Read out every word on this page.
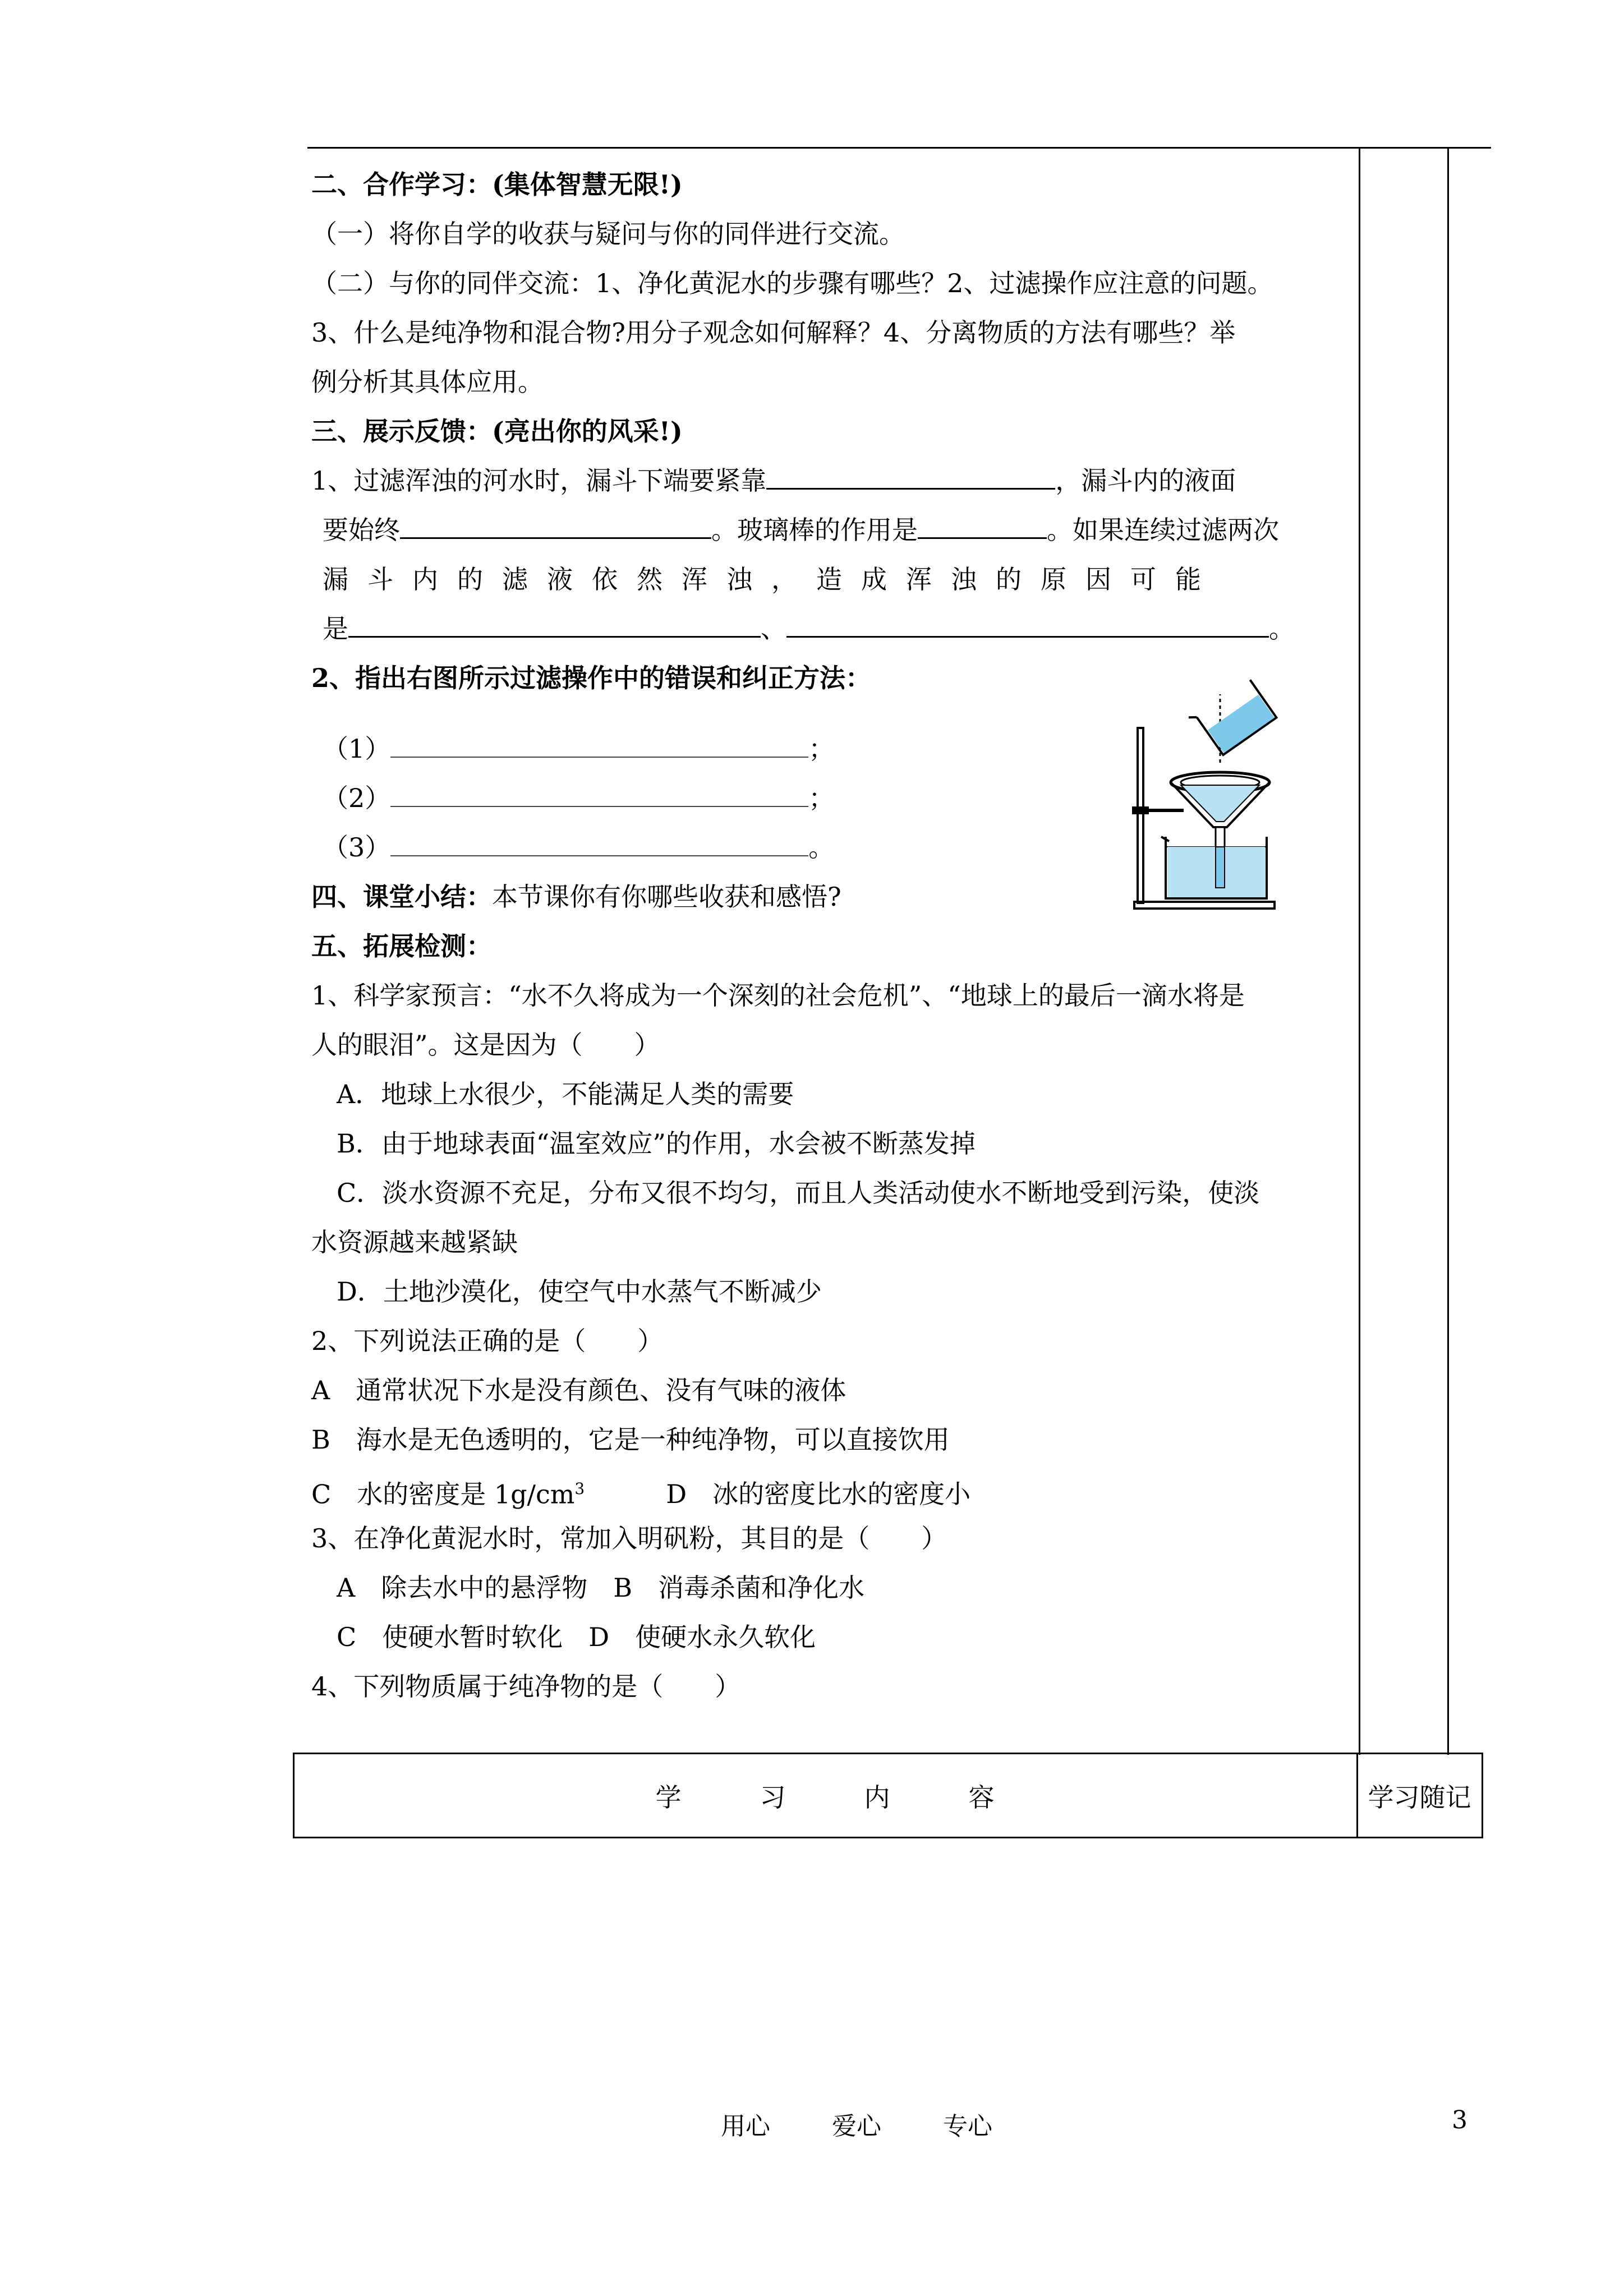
二、合作学习：(集体智慧无限!)
（一）将你自学的收获与疑问与你的同伴进行交流。
（二）与你的同伴交流：1、净化黄泥水的步骤有哪些？2、过滤操作应注意的问题。
3、什么是纯净物和混合物?用分子观念如何解释？4、分离物质的方法有哪些？举
例分析其具体应用。
三、展示反馈：(亮出你的风采!)
1、过滤浑浊的河水时，漏斗下端要紧靠	，漏斗内的液面
要始终	。玻璃棒的作用是	。如果连续过滤两次
漏斗内的滤液依然浑浊，造成浑浊的原因可能
是	、	。
2、指出右图所示过滤操作中的错误和纠正方法：
（1）	；
（2）	；
（3）	。
四、课堂小结：本节课你有你哪些收获和感悟?
五、拓展检测：
1、科学家预言：“水不久将成为一个深刻的社会危机”、“地球上的最后一滴水将是
人的眼泪”。这是因为（　　）
A．地球上水很少，不能满足人类的需要
B．由于地球表面“温室效应”的作用，水会被不断蒸发掉
C．淡水资源不充足，分布又很不均匀，而且人类活动使水不断地受到污染，使淡
水资源越来越紧缺
D．土地沙漠化，使空气中水蒸气不断减少
2、下列说法正确的是（　　）
A　通常状况下水是没有颜色、没有气味的液体
B　海水是无色透明的，它是一种纯净物，可以直接饮用
C　水的密度是 $1g/cm^3$	D　冰的密度比水的密度小
3、在净化黄泥水时，常加入明矾粉，其目的是（　　）
A　除去水中的悬浮物　B　消毒杀菌和净化水
C　使硬水暂时软化　D　使硬水永久软化
4、下列物质属于纯净物的是（　　）
学习内容	学习随记
用心	爱心	专心	3
